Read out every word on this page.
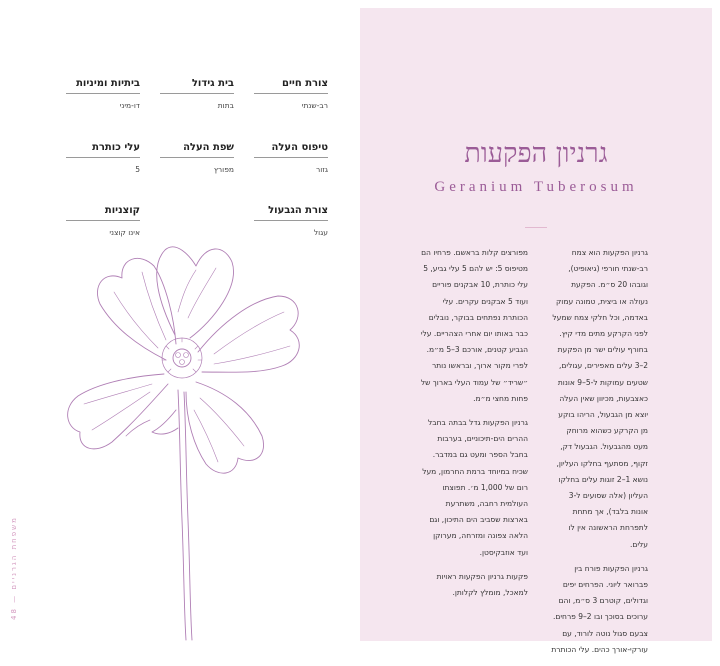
צורת חיים
רב-שנתי
בית גידול
בתות
ביתיות ומיניות
דו-מיני
טיפוס העלה
גזור
שפת העלה
מפורץ
עלי כותרת
5
צורת הגבעול
עגול
קוצניות
אינו קוצני
משפחת הגרניים — 48
גרניון הפקעות
Geranium Tuberosum

גרניון הפקעות הוא צמח רב-שנתי חורפי (גיאופיט), וגובהו 20 ס״מ. הפקעת נעולה או ביצית, טמונה עמוק באדמה, וכל חלקי צמח שמעל לפני הקרקע מתים מדי קיץ. בחורף עולים ישר מן הפקעת 2–3 עלים מאפירים, עגולים, שטעים עמוקות ל-5–9 אונות כאצבעות, מכיוון שאין העלה יוצא מן הגבעול, הריהו בוקע מן הקרקע כשהוא מרוחק מעט מהגבעול. הגבעול דק, זקוף, מסתעף בחלקו העליון, נושא 1–2 זוגות עלים בחלקו העליון (אלה שסועים ל-3 אונות בלבד), אך מתחת לתפרחת הראשונה אין לו עלים.

גרניון הפקעות פורח בין פברואר ליוני. הפרחים יפים וגדולים, קוטרם 3 ס״מ, והם ערוכים בסוכך ובו 2–9 פרחים. צבעם סגול נוטה לורוד, עם עורקי-אורך כהים. עלי הכותרת

מפורצים קלות בראשם. פרחיו הם מטיפוס 5: יש להם 5 עלי גביע, 5 עלי כותרת, 10 אבקנים פוריים ועוד 5 אבקנים עקרים. עלי הכותרת נפתחים בבוקר, נובלים כבר באותו יום אחרי הצהריים. עלי הגביע קטנים, אורכם 3–5 מ״מ. לפרי מקור ארוך, ובראשו נותר ״שריד״ של עמוד העלי בארוך של פחות מחצי מ״מ.

גרניון הפקעות גדל בבתה בחבל ההרים הים-תיכוניים, בערבות בחבל הספר ומעט גם במדבר. שכיח במיוחד ברמת החרמון, מעל רום של 1,000 מ׳. תפוצתו העולמית רחבה, משתרעת בארצות שסביב הים התיכון, וגם הלאה צפונה ומזרחה, מערוקן ועד אוזבקיסטן.

פקעות גרניון הפקעות ראויות למאכל, מומלץ לקלותן.
